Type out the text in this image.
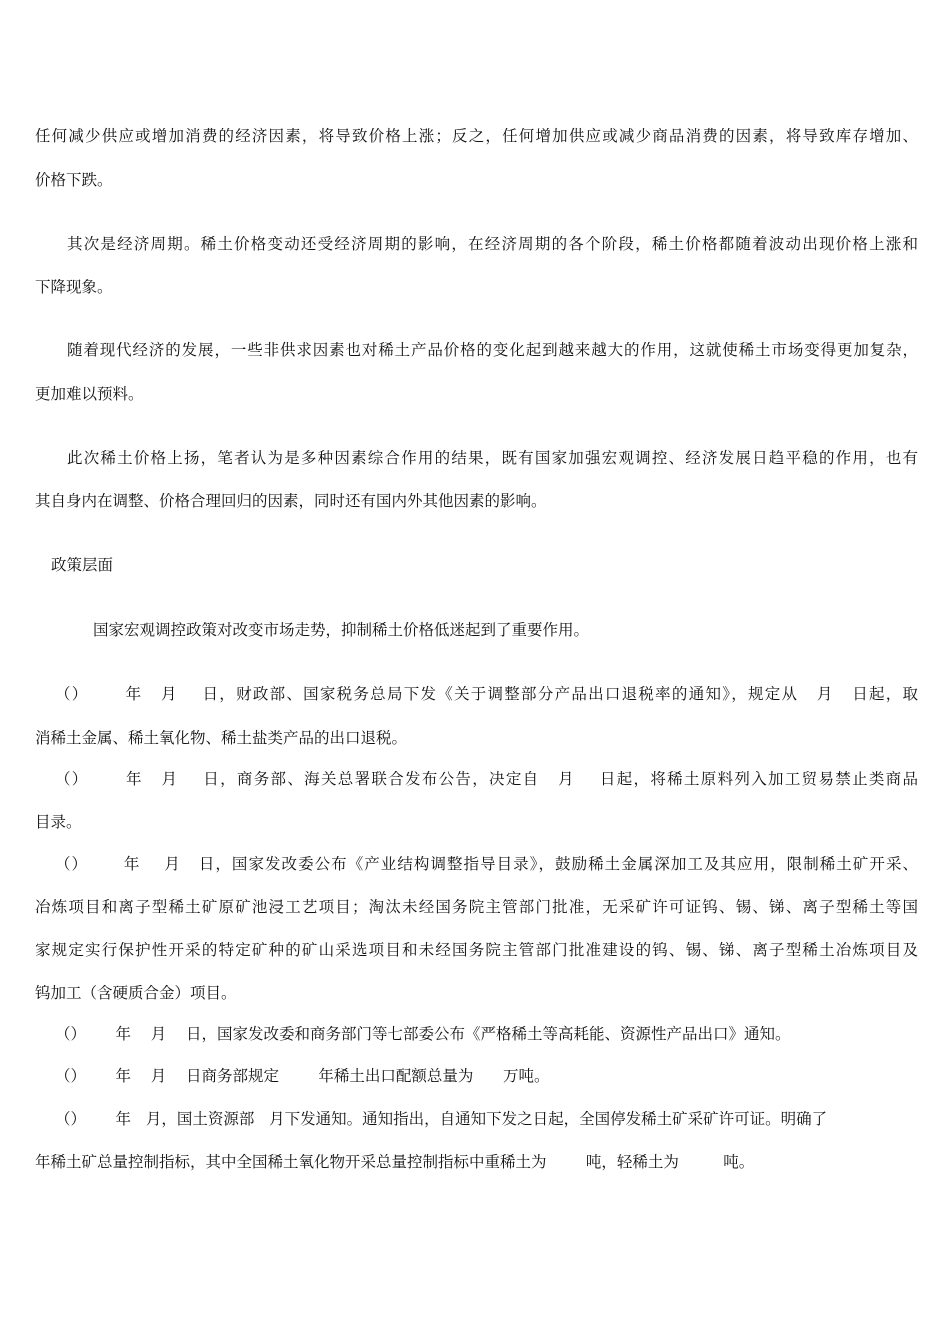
任何减少供应或增加消费的经济因素，将导致价格上涨；反之，任何增加供应或减少商品消费的因素，将导致库存增加、
价格下跌。
其次是经济周期。稀土价格变动还受经济周期的影响，在经济周期的各个阶段，稀土价格都随着波动出现价格上涨和
下降现象。
随着现代经济的发展，一些非供求因素也对稀土产品价格的变化起到越来越大的作用，这就使稀土市场变得更加复杂，
更加难以预料。
此次稀土价格上扬，笔者认为是多种因素综合作用的结果，既有国家加强宏观调控、经济发展日趋平稳的作用，也有
其自身内在调整、价格合理回归的因素，同时还有国内外其他因素的影响。
政策层面
国家宏观调控政策对改变市场走势，抑制稀土价格低迷起到了重要作用。
（）      年   月    日，财政部、国家税务总局下发《关于调整部分产品出口退税率的通知》，规定从   月   日起，取
消稀土金属、稀土氧化物、稀土盐类产品的出口退税。
（）      年   月    日，商务部、海关总署联合发布公告，决定自   月    日起，将稀土原料列入加工贸易禁止类商品
目录。
（）      年    月   日，国家发改委公布《产业结构调整指导目录》，鼓励稀土金属深加工及其应用，限制稀土矿开采、
冶炼项目和离子型稀土矿原矿池浸工艺项目；淘汰未经国务院主管部门批准，无采矿许可证钨、锡、锑、离子型稀土等国
家规定实行保护性开采的特定矿种的矿山采选项目和未经国务院主管部门批准建设的钨、锡、锑、离子型稀土冶炼项目及
钨加工（含硬质合金）项目。
（）      年    月    日，国家发改委和商务部门等七部委公布《严格稀土等高耗能、资源性产品出口》通知。
（）      年    月    日商务部规定        年稀土出口配额总量为      万吨。
（）      年   月，国土资源部   月下发通知。通知指出，自通知下发之日起，全国停发稀土矿采矿许可证。明确了
年稀土矿总量控制指标，其中全国稀土氧化物开采总量控制指标中重稀土为        吨，轻稀土为         吨。
